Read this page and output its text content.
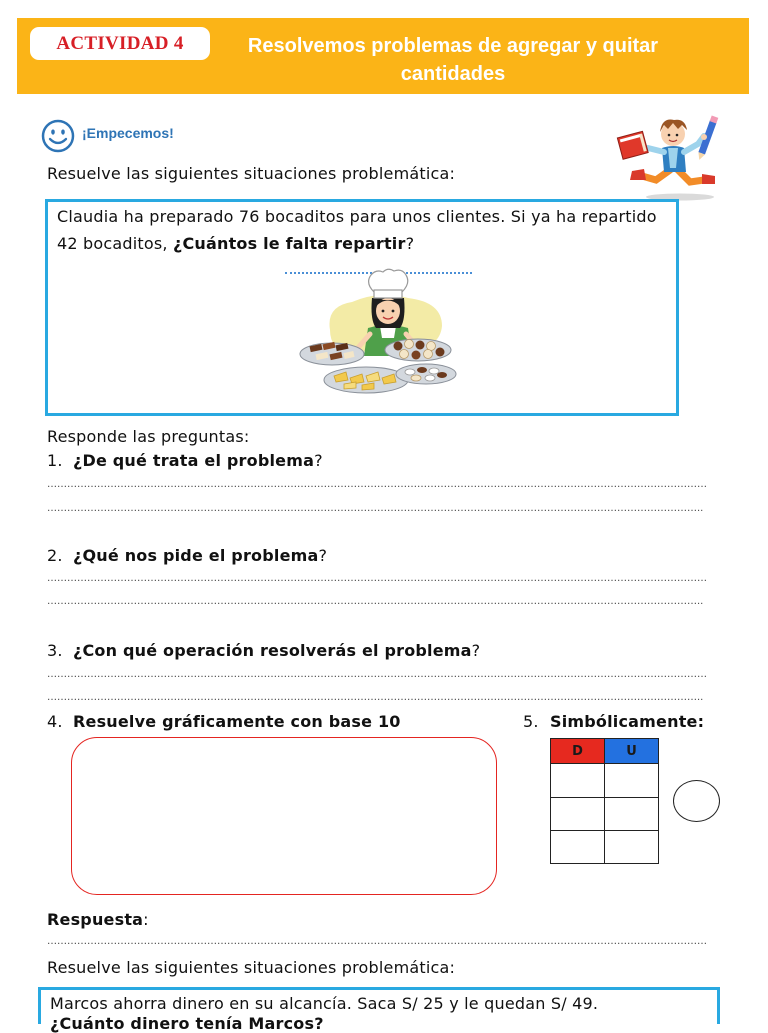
ACTIVIDAD 4	Resolvemos problemas de agregar y quitar cantidades
¡Empecemos!
Resuelve las siguientes situaciones problemática:
Claudia ha preparado 76 bocaditos para unos clientes. Si ya ha repartido
42 bocaditos, ¿Cuántos le falta repartir?
Responde las preguntas:
1. ¿De qué trata el problema?
………………………………………………………………………………………………………………………………………………………………………………
……………………………………………………………………………………………………………………………………………………………………………..
2. ¿Qué nos pide el problema?
………………………………………………………………………………………………………………………………………………………………………………
……………………………………………………………………………………………………………………………………………………………………………..
3. ¿Con qué operación resolverás el problema?
………………………………………………………………………………………………………………………………………………………………………………
……………………………………………………………………………………………………………………………………………………………………………..
4. Resuelve gráficamente con base 10	5. Simbólicamente:
D	U

Respuesta:
………………………………………………………………………………………………………………………………………………………………………………
Resuelve las siguientes situaciones problemática:
Marcos ahorra dinero en su alcancía. Saca S/ 25 y le quedan S/ 49.
¿Cuánto dinero tenía Marcos?
